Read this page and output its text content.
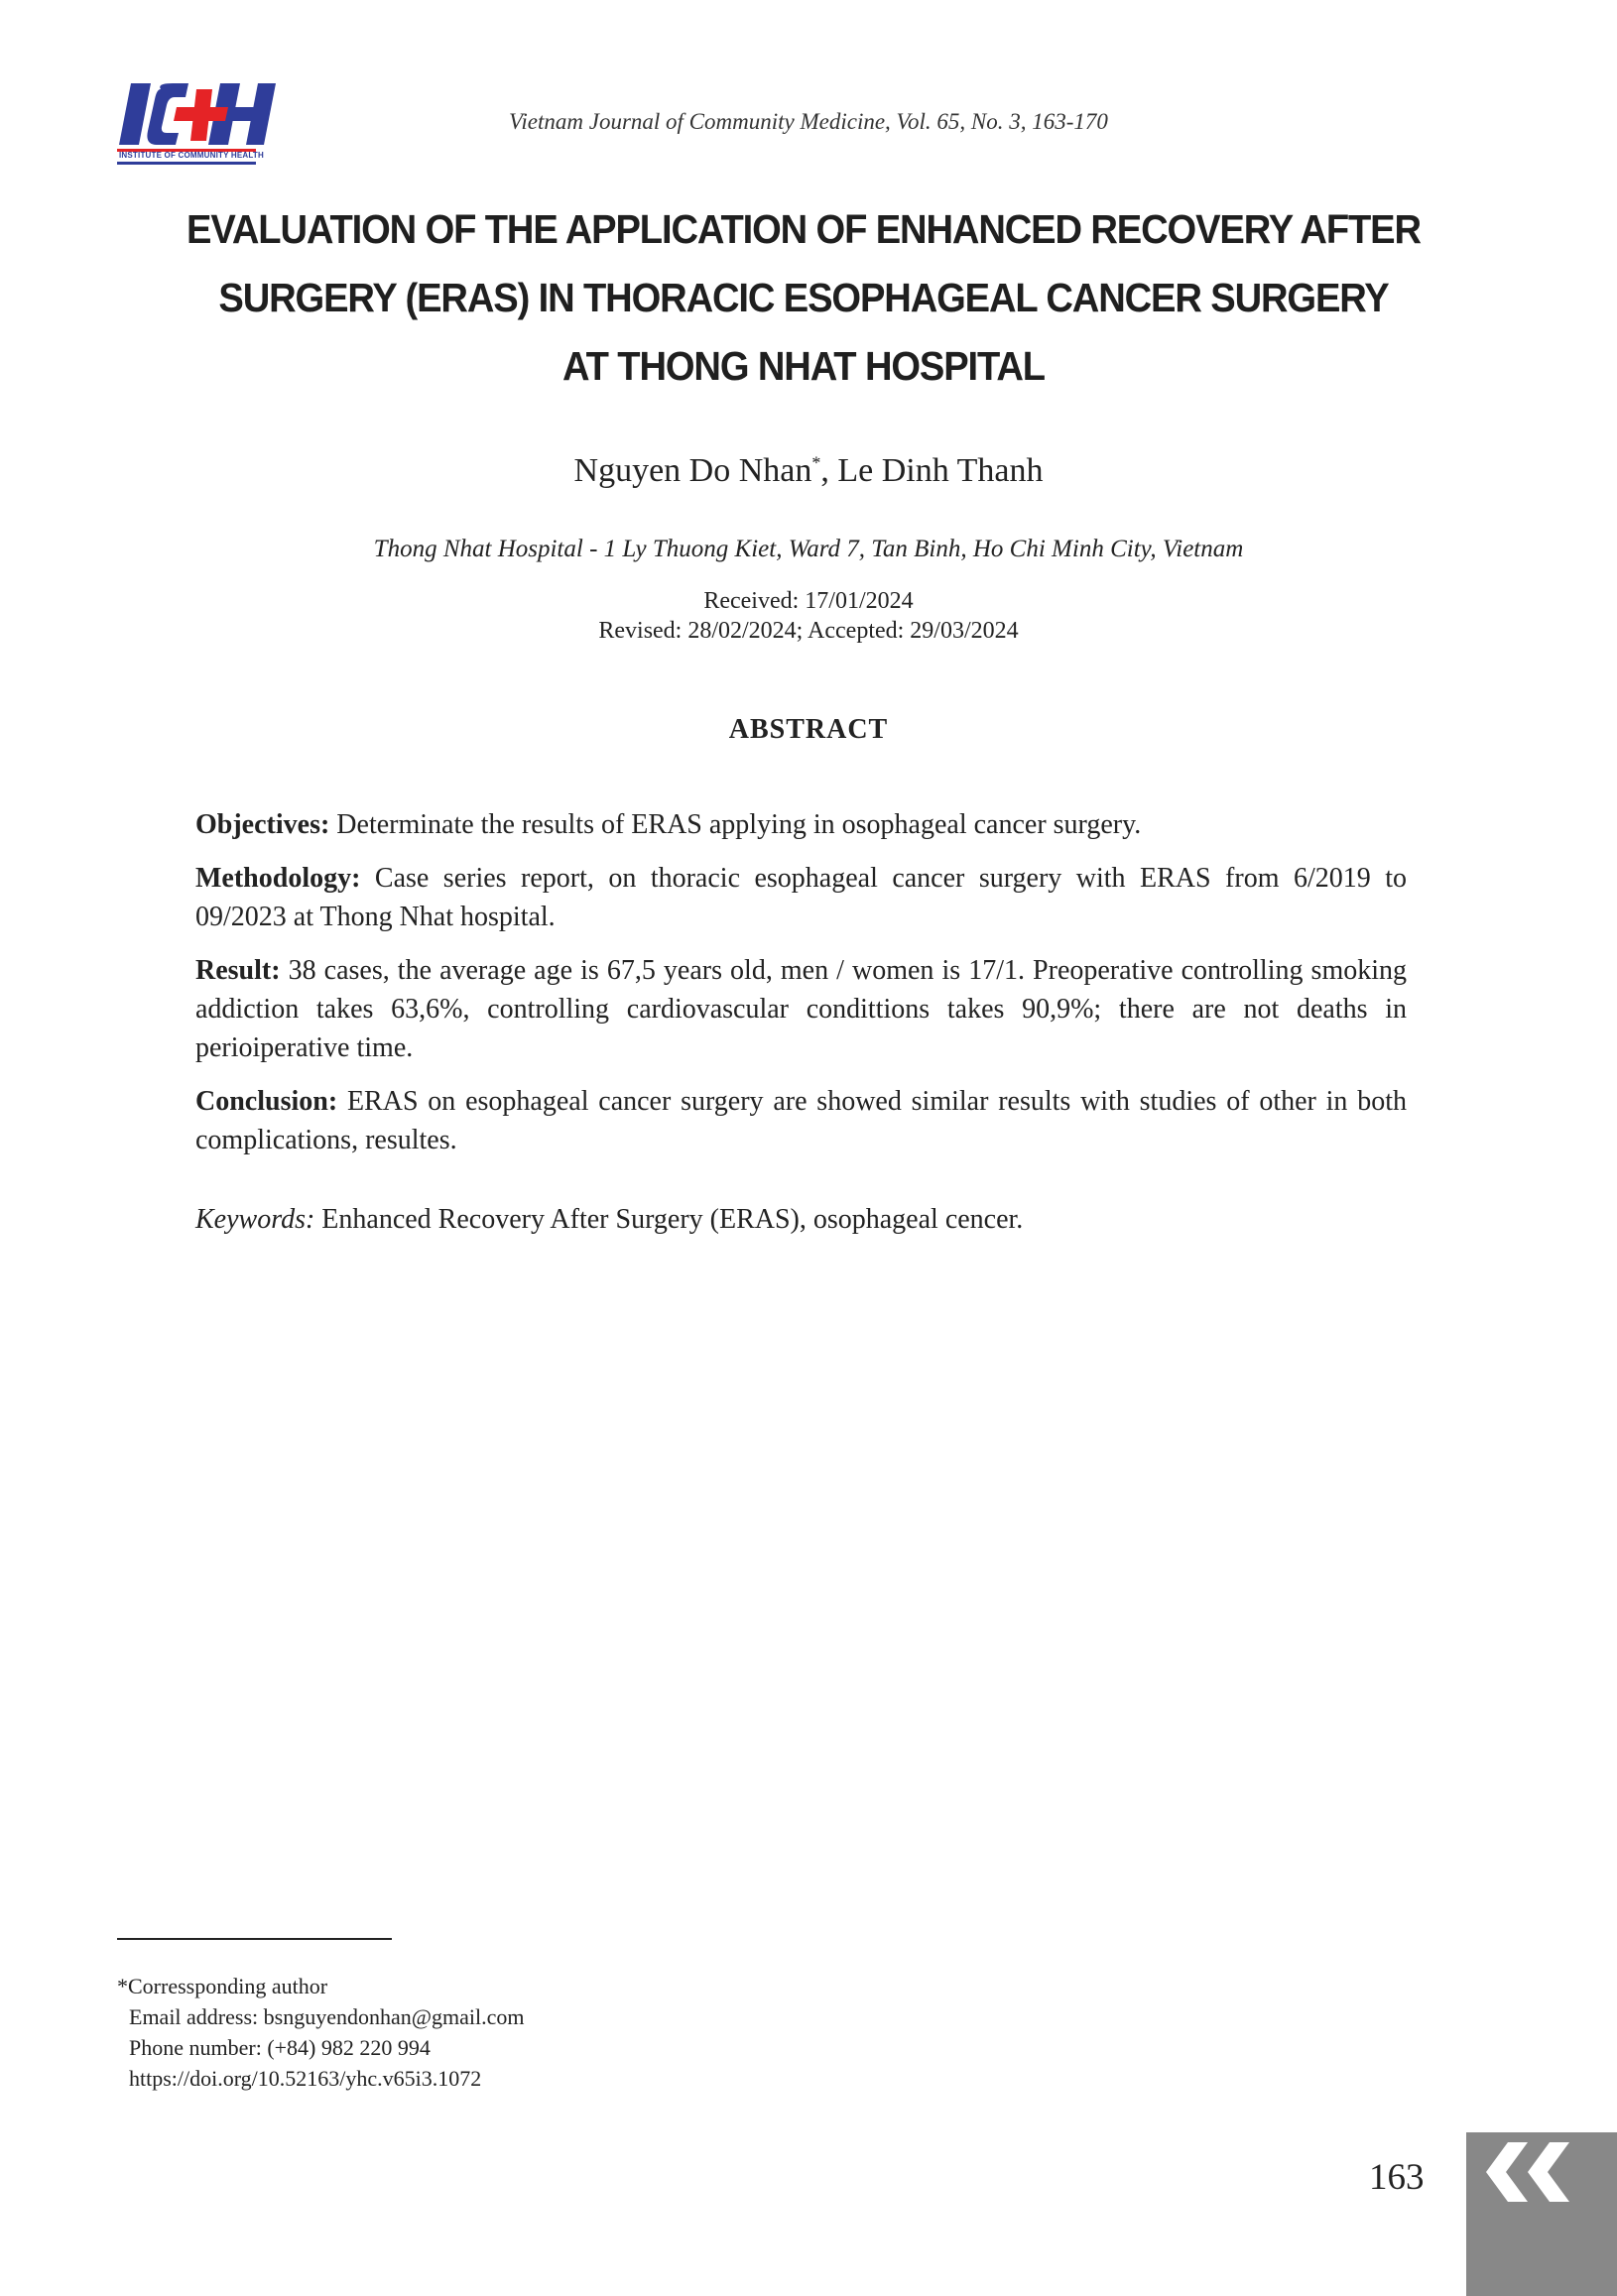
INSTITUTE OF COMMUNITY HEALTH
Vietnam Journal of Community Medicine, Vol. 65, No. 3, 163-170
EVALUATION OF THE APPLICATION OF ENHANCED RECOVERY AFTER
SURGERY (ERAS) IN THORACIC ESOPHAGEAL CANCER SURGERY
AT THONG NHAT HOSPITAL
Nguyen Do Nhan*, Le Dinh Thanh
Thong Nhat Hospital - 1 Ly Thuong Kiet, Ward 7, Tan Binh, Ho Chi Minh City, Vietnam
Received: 17/01/2024
Revised: 28/02/2024; Accepted: 29/03/2024
ABSTRACT

Objectives: Determinate the results of ERAS applying in osophageal cancer surgery.

Methodology: Case series report, on thoracic esophageal cancer surgery with ERAS from 6/2019 to 09/2023 at Thong Nhat hospital.

Result: 38 cases, the average age is 67,5 years old, men / women is 17/1. Preoperative controlling smoking addiction takes 63,6%, controlling cardiovascular condittions takes 90,9%; there are not deaths in perioiperative time.

Conclusion: ERAS on esophageal cancer surgery are showed similar results with studies of other in both complications, resultes.

Keywords: Enhanced Recovery After Surgery (ERAS), osophageal cencer.

*Corressponding author
Email address: bsnguyendonhan@gmail.com
Phone number: (+84) 982 220 994
https://doi.org/10.52163/yhc.v65i3.1072
163
